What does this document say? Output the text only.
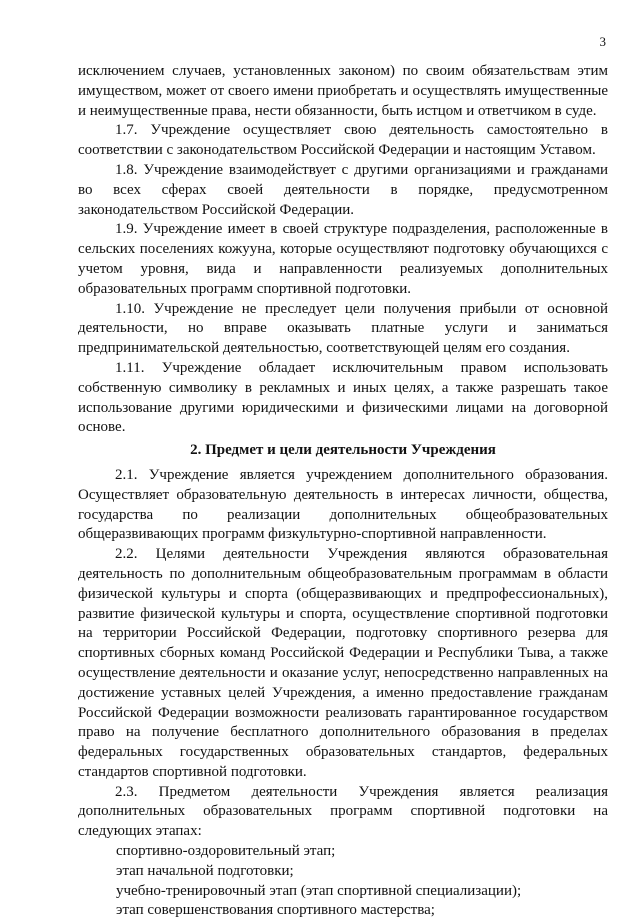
3

исключением случаев, установленных законом) по своим обязательствам этим имуществом, может от своего имени приобретать и осуществлять имущественные и неимущественные права, нести обязанности, быть истцом и ответчиком в суде.

1.7. Учреждение осуществляет свою деятельность самостоятельно в соответствии с законодательством Российской Федерации и настоящим Уставом.

1.8. Учреждение взаимодействует с другими организациями и гражданами во всех сферах своей деятельности в порядке, предусмотренном законодательством Российской Федерации.

1.9. Учреждение имеет в своей структуре подразделения, расположенные в сельских поселениях кожууна, которые осуществляют подготовку обучающихся с учетом уровня, вида и направленности реализуемых дополнительных образовательных программ спортивной подготовки.

1.10. Учреждение не преследует цели получения прибыли от основной деятельности, но вправе оказывать платные услуги и заниматься предпринимательской деятельностью, соответствующей целям его создания.

1.11. Учреждение обладает исключительным правом использовать собственную символику в рекламных и иных целях, а также разрешать такое использование другими юридическими и физическими лицами на договорной основе.

2. Предмет и цели деятельности Учреждения

2.1. Учреждение является учреждением дополнительного образования. Осуществляет образовательную деятельность в интересах личности, общества, государства по реализации дополнительных общеобразовательных общеразвивающих программ физкультурно-спортивной направленности.

2.2. Целями деятельности Учреждения являются образовательная деятельность по дополнительным общеобразовательным программам в области физической культуры и спорта (общеразвивающих и предпрофессиональных), развитие физической культуры и спорта, осуществление спортивной подготовки на территории Российской Федерации, подготовку спортивного резерва для спортивных сборных команд Российской Федерации и Республики Тыва, а также осуществление деятельности и оказание услуг, непосредственно направленных на достижение уставных целей Учреждения, а именно предоставление гражданам Российской Федерации возможности реализовать гарантированное государством право на получение бесплатного дополнительного образования в пределах федеральных государственных образовательных стандартов, федеральных стандартов спортивной подготовки.

2.3. Предметом деятельности Учреждения является реализация дополнительных образовательных программ спортивной подготовки на следующих этапах:

спортивно-оздоровительный этап;

этап начальной подготовки;

учебно-тренировочный этап (этап спортивной специализации);

этап совершенствования спортивного мастерства;
